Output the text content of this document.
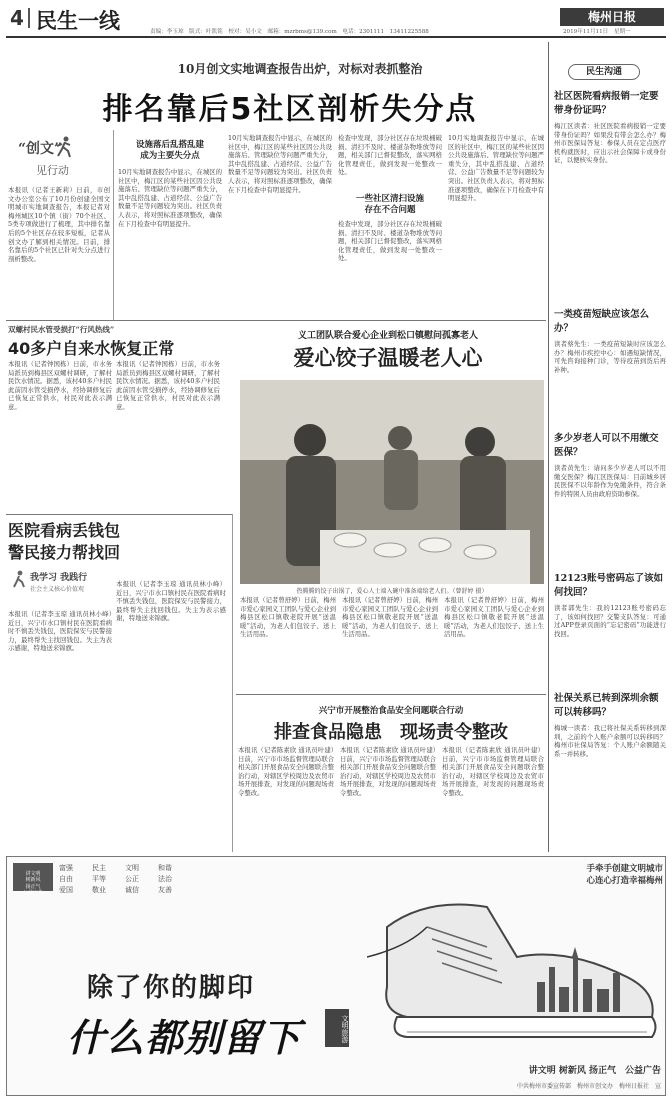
4 民生一线	责编：李玉琼　版式：叶凯铭　校对：吴小文　邮箱：mzrbms@139.com　电话：2301111　13411225588
梅州日报
2019年11月11日　星期一
10月创文实地调查报告出炉，对标对表抓整治
排名靠后5社区剖析失分点
“创文”
见行动
本报讯（记者王新莉）日前，市创文办公室公布了10月份创建全国文明城市实地调查报告，本报记者对梅州城区10个镇（街）70个社区、5类专项做进行了梳理，其中排名靠后的5个社区存在较多短板，记者从创文办了解到相关情况。目前，排名靠后的5个社区已针对失分点进行剖析整改。
设施落后乱搭乱建
成为主要失分点
10月实地调查报告中显示，在城区的社区中，梅江区的某些社区因公共设施落后、管理缺位等问题严重失分，其中乱搭乱建、占道经营、公益广告数量不足等问题较为突出。社区负责人表示，将对照标准逐项整改，确保在下月检查中有明显提升。
10月实地调查报告中显示，在城区的社区中，梅江区的某些社区因公共设施落后、管理缺位等问题严重失分，其中乱搭乱建、占道经营、公益广告数量不足等问题较为突出。社区负责人表示，将对照标准逐项整改，确保在下月检查中有明显提升。
检查中发现，部分社区存在垃圾桶破损、清扫不及时、楼道杂物堆放等问题，相关部门已督促整改，落实网格化管理责任，做到发现一处整改一处。
一些社区清扫设施
存在不合问题
检查中发现，部分社区存在垃圾桶破损、清扫不及时、楼道杂物堆放等问题，相关部门已督促整改，落实网格化管理责任，做到发现一处整改一处。
10月实地调查报告中显示，在城区的社区中，梅江区的某些社区因公共设施落后、管理缺位等问题严重失分，其中乱搭乱建、占道经营、公益广告数量不足等问题较为突出。社区负责人表示，将对照标准逐项整改，确保在下月检查中有明显提升。
民生沟通
社区医院看病报销一定要带身份证吗？
梅江区读者：社区医院看病报销一定要带身份证吗？如果没有带会怎么办？梅州市医保局答复：参保人员在定点医疗机构就医时，应出示社会保障卡或身份证，以便核实身份。
一类疫苗短缺应该怎么办？
读者蔡先生：一类疫苗短缺时应该怎么办？梅州市疾控中心：如遇短缺情况，可先咨询接种门诊，等待疫苗到货后再补种。
多少岁老人可以不用缴交医保？
读者黄先生：请问多少岁老人可以不用缴交医保？梅江区医保局：目前城乡居民医保不以年龄作为免缴条件，符合条件的特困人员由政府资助参保。
12123账号密码忘了该如何找回？
读者郭先生：我的12123账号密码忘了，该如何找回？交警支队答复：可通过APP登录页面的“忘记密码”功能进行找回。
社保关系已转到深圳余额可以转移吗？
梅城一读者：我已将社保关系转移到深圳，之前的个人账户余额可以转移吗？梅州市社保局答复：个人账户余额随关系一并转移。
双螺村民水管受损打“行风热线”
40多户自来水恢复正常
本报讯（记者钟国栋）日前，市水务局派员到梅县区双螺村调研，了解村民饮水情况。据悉，该村40多户村民此前因水管受损停水，经协调修复后已恢复正常供水，村民对此表示满意。
本报讯（记者钟国栋）日前，市水务局派员到梅县区双螺村调研，了解村民饮水情况。据悉，该村40多户村民此前因水管受损停水，经协调修复后已恢复正常供水，村民对此表示满意。
义工团队联合爱心企业到松口镇慰问孤寡老人
爱心饺子温暖老人心
热腾腾的饺子出锅了，爱心人士端入碗中准备端给老人们。（曾舒婷 摄）
本报讯（记者曾舒婷）日前，梅州市爱心家园义工团队与爱心企业到梅县区松口镇敬老院开展“送温暖”活动，为老人们包饺子、送上生活用品。
本报讯（记者曾舒婷）日前，梅州市爱心家园义工团队与爱心企业到梅县区松口镇敬老院开展“送温暖”活动，为老人们包饺子、送上生活用品。
本报讯（记者曾舒婷）日前，梅州市爱心家园义工团队与爱心企业到梅县区松口镇敬老院开展“送温暖”活动，为老人们包饺子、送上生活用品。
医院看病丢钱包
警民接力帮找回
我学习 我践行
社会主义核心价值观
本报讯（记者李玉琼 通讯员林小峰）近日，兴宁市水口镇村民在医院看病时不慎丢失钱包，医院保安与民警接力，最终帮失主找回钱包。失主为表示感谢，特地送来锦旗。
本报讯（记者李玉琼 通讯员林小峰）近日，兴宁市水口镇村民在医院看病时不慎丢失钱包，医院保安与民警接力，最终帮失主找回钱包。失主为表示感谢，特地送来锦旗。
兴宁市开展整治食品安全问题联合行动
排查食品隐患　现场责令整改
本报讯（记者陈素欣 通讯员叶建）日前，兴宁市市场监督管理局联合相关部门开展食品安全问题联合整治行动，对辖区学校周边及农贸市场开展排查，对发现的问题现场责令整改。
本报讯（记者陈素欣 通讯员叶建）日前，兴宁市市场监督管理局联合相关部门开展食品安全问题联合整治行动，对辖区学校周边及农贸市场开展排查，对发现的问题现场责令整改。
本报讯（记者陈素欣 通讯员叶建）日前，兴宁市市场监督管理局联合相关部门开展食品安全问题联合整治行动，对辖区学校周边及农贸市场开展排查，对发现的问题现场责令整改。

讲文明
树新风
扬正气
公益广告

富强	民主	文明	和谐
自由	平等	公正	法治
爱国	敬业	诚信	友善
手牵手创建文明城市
心连心打造幸福梅州
除了你的脚印
什么都别留下	文明旅游
讲文明 树新风 扬正气　公益广告
中共梅州市委宣传部　梅州市创文办　梅州日报社　宣
